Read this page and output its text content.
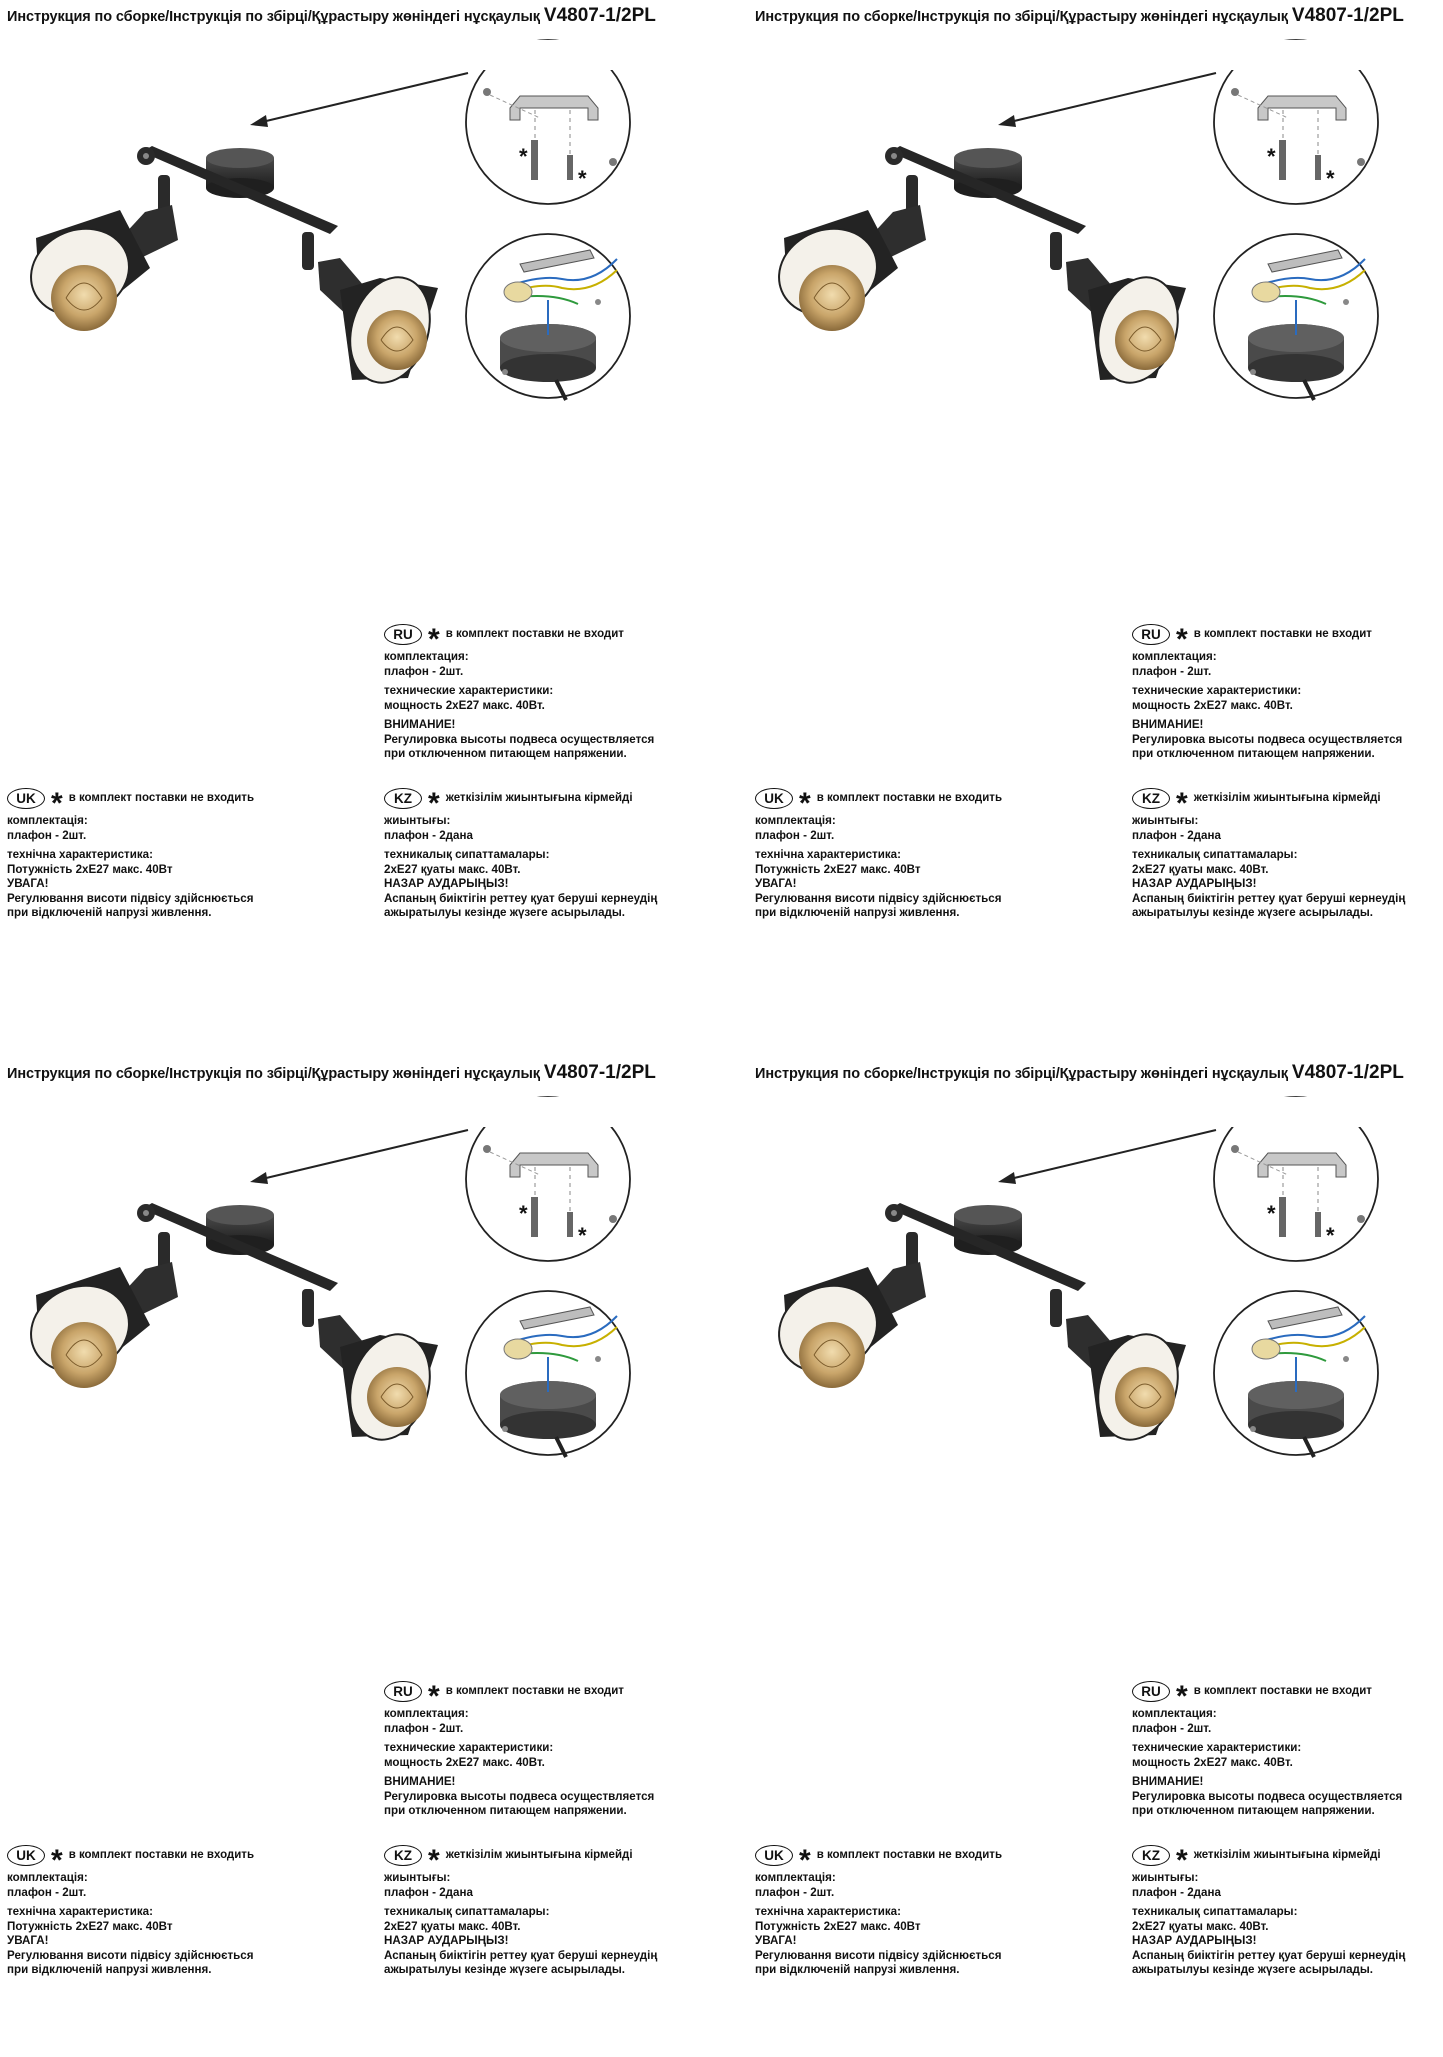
Инструкция по сборке/Інструкція по збірці/Құрастыру жөніндегі нұсқаулық V4807-1/2PL
*
*
RU * в комплект поставки не входит
комплектация:
плафон - 2шт.
технические характеристики:
мощность 2хЕ27 макс. 40Вт.
ВНИМАНИЕ!
Регулировка высоты подвеса осуществляется
при отключенном питающем напряжении.
UK * в комплект поставки не входить
комплектація:
плафон - 2шт.
технічна характеристика:
Потужність 2хЕ27 макс. 40Вт
УВАГА!
Регулювання висоти підвісу здійснюється
при відключеній напрузі живлення.
KZ * жеткізілім жиынтығына кірмейді
жиынтығы:
плафон - 2дана
техникалық сипаттамалары:
2хЕ27 қуаты макс. 40Вт.
НАЗАР АУДАРЫҢЫЗ!
Аспаның биіктігін реттеу қуат беруші кернеудің
ажыратылуы кезінде жүзеге асырылады.
Инструкция по сборке/Інструкція по збірці/Құрастыру жөніндегі нұсқаулық V4807-1/2PL
*
*
RU * в комплект поставки не входит
комплектация:
плафон - 2шт.
технические характеристики:
мощность 2хЕ27 макс. 40Вт.
ВНИМАНИЕ!
Регулировка высоты подвеса осуществляется
при отключенном питающем напряжении.
UK * в комплект поставки не входить
комплектація:
плафон - 2шт.
технічна характеристика:
Потужність 2хЕ27 макс. 40Вт
УВАГА!
Регулювання висоти підвісу здійснюється
при відключеній напрузі живлення.
KZ * жеткізілім жиынтығына кірмейді
жиынтығы:
плафон - 2дана
техникалық сипаттамалары:
2хЕ27 қуаты макс. 40Вт.
НАЗАР АУДАРЫҢЫЗ!
Аспаның биіктігін реттеу қуат беруші кернеудің
ажыратылуы кезінде жүзеге асырылады.
Инструкция по сборке/Інструкція по збірці/Құрастыру жөніндегі нұсқаулық V4807-1/2PL
*
*
RU * в комплект поставки не входит
комплектация:
плафон - 2шт.
технические характеристики:
мощность 2хЕ27 макс. 40Вт.
ВНИМАНИЕ!
Регулировка высоты подвеса осуществляется
при отключенном питающем напряжении.
UK * в комплект поставки не входить
комплектація:
плафон - 2шт.
технічна характеристика:
Потужність 2хЕ27 макс. 40Вт
УВАГА!
Регулювання висоти підвісу здійснюється
при відключеній напрузі живлення.
KZ * жеткізілім жиынтығына кірмейді
жиынтығы:
плафон - 2дана
техникалық сипаттамалары:
2хЕ27 қуаты макс. 40Вт.
НАЗАР АУДАРЫҢЫЗ!
Аспаның биіктігін реттеу қуат беруші кернеудің
ажыратылуы кезінде жүзеге асырылады.
Инструкция по сборке/Інструкція по збірці/Құрастыру жөніндегі нұсқаулық V4807-1/2PL
*
*
RU * в комплект поставки не входит
комплектация:
плафон - 2шт.
технические характеристики:
мощность 2хЕ27 макс. 40Вт.
ВНИМАНИЕ!
Регулировка высоты подвеса осуществляется
при отключенном питающем напряжении.
UK * в комплект поставки не входить
комплектація:
плафон - 2шт.
технічна характеристика:
Потужність 2хЕ27 макс. 40Вт
УВАГА!
Регулювання висоти підвісу здійснюється
при відключеній напрузі живлення.
KZ * жеткізілім жиынтығына кірмейді
жиынтығы:
плафон - 2дана
техникалық сипаттамалары:
2хЕ27 қуаты макс. 40Вт.
НАЗАР АУДАРЫҢЫЗ!
Аспаның биіктігін реттеу қуат беруші кернеудің
ажыратылуы кезінде жүзеге асырылады.
